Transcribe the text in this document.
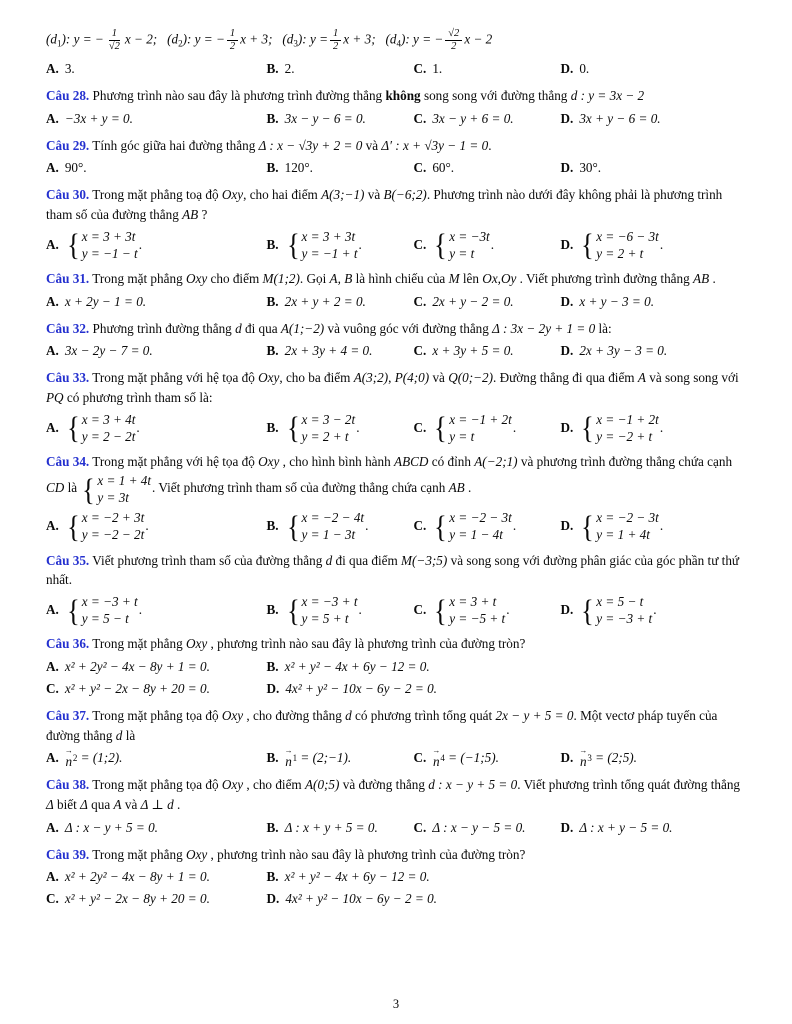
$(d_1)$: y = − $\frac{1}{√2}$ x − 2;   $(d_2)$: y = − $\frac{1}{2}$ x + 3;   $(d_3)$: $y = \frac{1}{2}$ x + 3;   $(d_4)$: y = − $\frac{√2}{2}$ x − 2
A. 3.	B. 2.	C. 1.	D. 0.

Câu 28. Phương trình nào sau đây là phương trình đường thẳng không song song với đường thẳng d : y = 3x − 2

A. −3x + y = 0.	B. 3x − y − 6 = 0.	C. 3x − y + 6 = 0.	D. 3x + y − 6 = 0.

Câu 29. Tính góc giữa hai đường thẳng Δ : x − √3y + 2 = 0 và Δ′ : x + √3y − 1 = 0.

A. 90°.	B. 120°.	C. 60°.	D. 30°.

Câu 30. Trong mặt phẳng toạ độ Oxy, cho hai điểm A(3;−1) và B(−6;2). Phương trình nào dưới đây không phải là phương trình tham số của đường thẳng AB ?

A. { x = 3 + 3t
y = −1 − t
.	B. { x = 3 + 3t
y = −1 + t
.	C. { x = −3t
y = t
.	D. { x = −6 − 3t
y = 2 + t
.

Câu 31. Trong mặt phẳng Oxy cho điểm M(1;2). Gọi A, B là hình chiếu của M lên Ox,Oy . Viết phương trình đường thẳng AB .

A. x + 2y − 1 = 0.	B. 2x + y + 2 = 0.	C. 2x + y − 2 = 0.	D. x + y − 3 = 0.

Câu 32. Phương trình đường thẳng d đi qua A(1;−2) và vuông góc với đường thẳng Δ : 3x − 2y + 1 = 0 là:

A. 3x − 2y − 7 = 0.	B. 2x + 3y + 4 = 0.	C. x + 3y + 5 = 0.	D. 2x + 3y − 3 = 0.

Câu 33. Trong mặt phẳng với hệ tọa độ Oxy, cho ba điểm A(3;2), P(4;0) và Q(0;−2). Đường thẳng đi qua điểm A và song song với PQ có phương trình tham số là:

A. { x = 3 + 4t
y = 2 − 2t
.	B. { x = 3 − 2t
y = 2 + t
.	C. { x = −1 + 2t
y = t
.	D. { x = −1 + 2t
y = −2 + t
.

Câu 34. Trong mặt phẳng với hệ tọa độ Oxy , cho hình bình hành ABCD có đỉnh A(−2;1) và phương trình đường thẳng chứa cạnh CD là { x = 1 + 4t
y = 3t
. Viết phương trình tham số của đường thẳng chứa cạnh AB .

A. { x = −2 + 3t
y = −2 − 2t
.	B. { x = −2 − 4t
y = 1 − 3t
.	C. { x = −2 − 3t
y = 1 − 4t
.	D. { x = −2 − 3t
y = 1 + 4t
.

Câu 35. Viết phương trình tham số của đường thẳng d đi qua điểm M(−3;5) và song song với đường phân giác của góc phần tư thứ nhất.

A. { x = −3 + t
y = 5 − t
.	B. { x = −3 + t
y = 5 + t
.	C. { x = 3 + t
y = −5 + t
.	D. { x = 5 − t
y = −3 + t
.

Câu 36. Trong mặt phẳng Oxy , phương trình nào sau đây là phương trình của đường tròn?

A. x² + 2y² − 4x − 8y + 1 = 0.	B. x² + y² − 4x + 6y − 12 = 0.
C. x² + y² − 2x − 8y + 20 = 0.	D. 4x² + y² − 10x − 6y − 2 = 0.

Câu 37. Trong mặt phẳng tọa độ Oxy , cho đường thẳng d có phương trình tổng quát 2x − y + 5 = 0. Một vectơ pháp tuyến của đường thẳng d là

A.
→
n 2 = (1;2).	B.
→
n 1 = (2;−1).	C.
→
n 4 = (−1;5).	D.
→
n 3 = (2;5).

Câu 38. Trong mặt phẳng tọa độ Oxy , cho điểm A(0;5) và đường thẳng d : x − y + 5 = 0. Viết phương trình tổng quát đường thẳng Δ biết Δ qua A và Δ ⊥ d .

A. Δ : x − y + 5 = 0.	B. Δ : x + y + 5 = 0.	C. Δ : x − y − 5 = 0.	D. Δ : x + y − 5 = 0.

Câu 39. Trong mặt phẳng Oxy , phương trình nào sau đây là phương trình của đường tròn?

A. x² + 2y² − 4x − 8y + 1 = 0.	B. x² + y² − 4x + 6y − 12 = 0.
C. x² + y² − 2x − 8y + 20 = 0.	D. 4x² + y² − 10x − 6y − 2 = 0.
3
